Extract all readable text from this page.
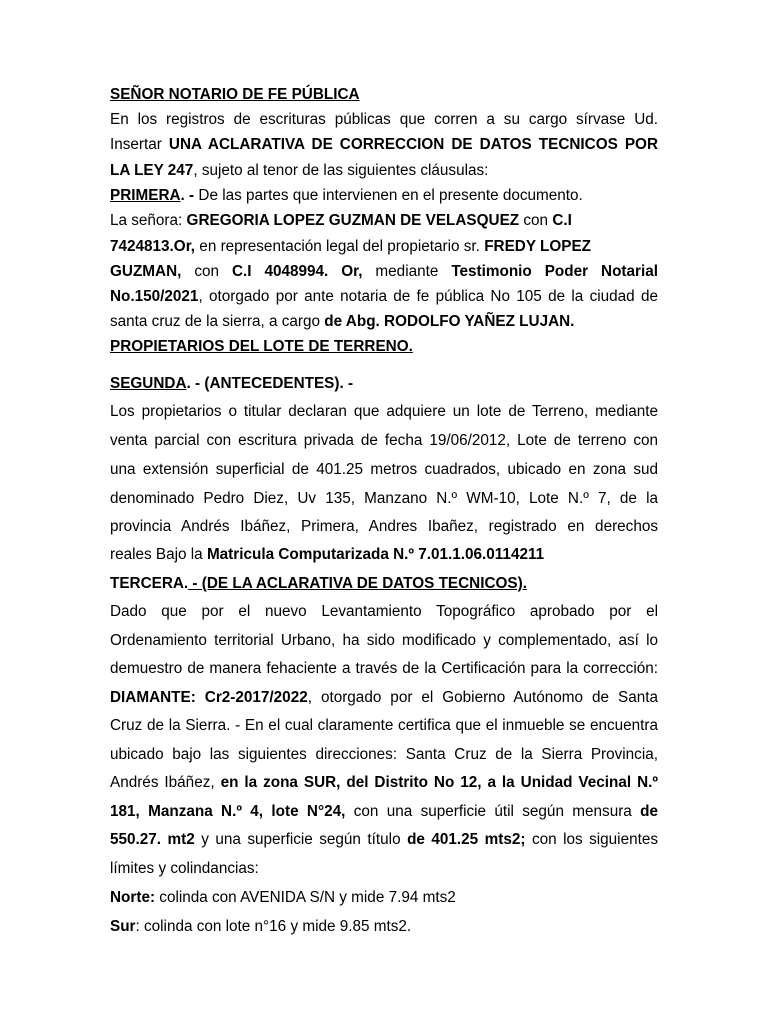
SEÑOR NOTARIO DE FE PÚBLICA
En los registros de escrituras públicas que corren a su cargo sírvase Ud.
Insertar UNA ACLARATIVA DE CORRECCION DE DATOS TECNICOS POR
LA LEY 247, sujeto al tenor de las siguientes cláusulas:
PRIMERA. - De las partes que intervienen en el presente documento.
La señora: GREGORIA LOPEZ GUZMAN DE VELASQUEZ con C.I
7424813.Or, en representación legal del propietario sr. FREDY LOPEZ
GUZMAN, con C.I 4048994. Or, mediante Testimonio Poder Notarial
No.150/2021, otorgado por ante notaria de fe pública No 105 de la ciudad de
santa cruz de la sierra, a cargo de Abg. RODOLFO YAÑEZ LUJAN.
PROPIETARIOS DEL LOTE DE TERRENO.
SEGUNDA. - (ANTECEDENTES). -
Los propietarios o titular declaran que adquiere un lote de Terreno, mediante
venta parcial con escritura privada de fecha 19/06/2012, Lote de terreno con
una extensión superficial de 401.25 metros cuadrados, ubicado en zona sud
denominado Pedro Diez, Uv 135, Manzano N.º WM-10, Lote N.º 7, de la
provincia Andrés Ibáñez, Primera, Andres Ibañez, registrado en derechos
reales Bajo la Matricula Computarizada N.º 7.01.1.06.0114211
TERCERA. - (DE LA ACLARATIVA DE DATOS TECNICOS).
Dado que por el nuevo Levantamiento Topográfico aprobado por el
Ordenamiento territorial Urbano, ha sido modificado y complementado, así lo
demuestro de manera fehaciente a través de la Certificación para la corrección:
DIAMANTE: Cr2-2017/2022, otorgado por el Gobierno Autónomo de Santa
Cruz de la Sierra. - En el cual claramente certifica que el inmueble se encuentra
ubicado bajo las siguientes direcciones: Santa Cruz de la Sierra Provincia,
Andrés Ibáñez, en la zona SUR, del Distrito No 12, a la Unidad Vecinal N.º
181, Manzana N.º 4, lote N°24, con una superficie útil según mensura de
550.27. mt2 y una superficie según título de 401.25 mts2; con los siguientes
límites y colindancias:
Norte: colinda con AVENIDA S/N y mide 7.94 mts2
Sur: colinda con lote n°16 y mide 9.85 mts2.
